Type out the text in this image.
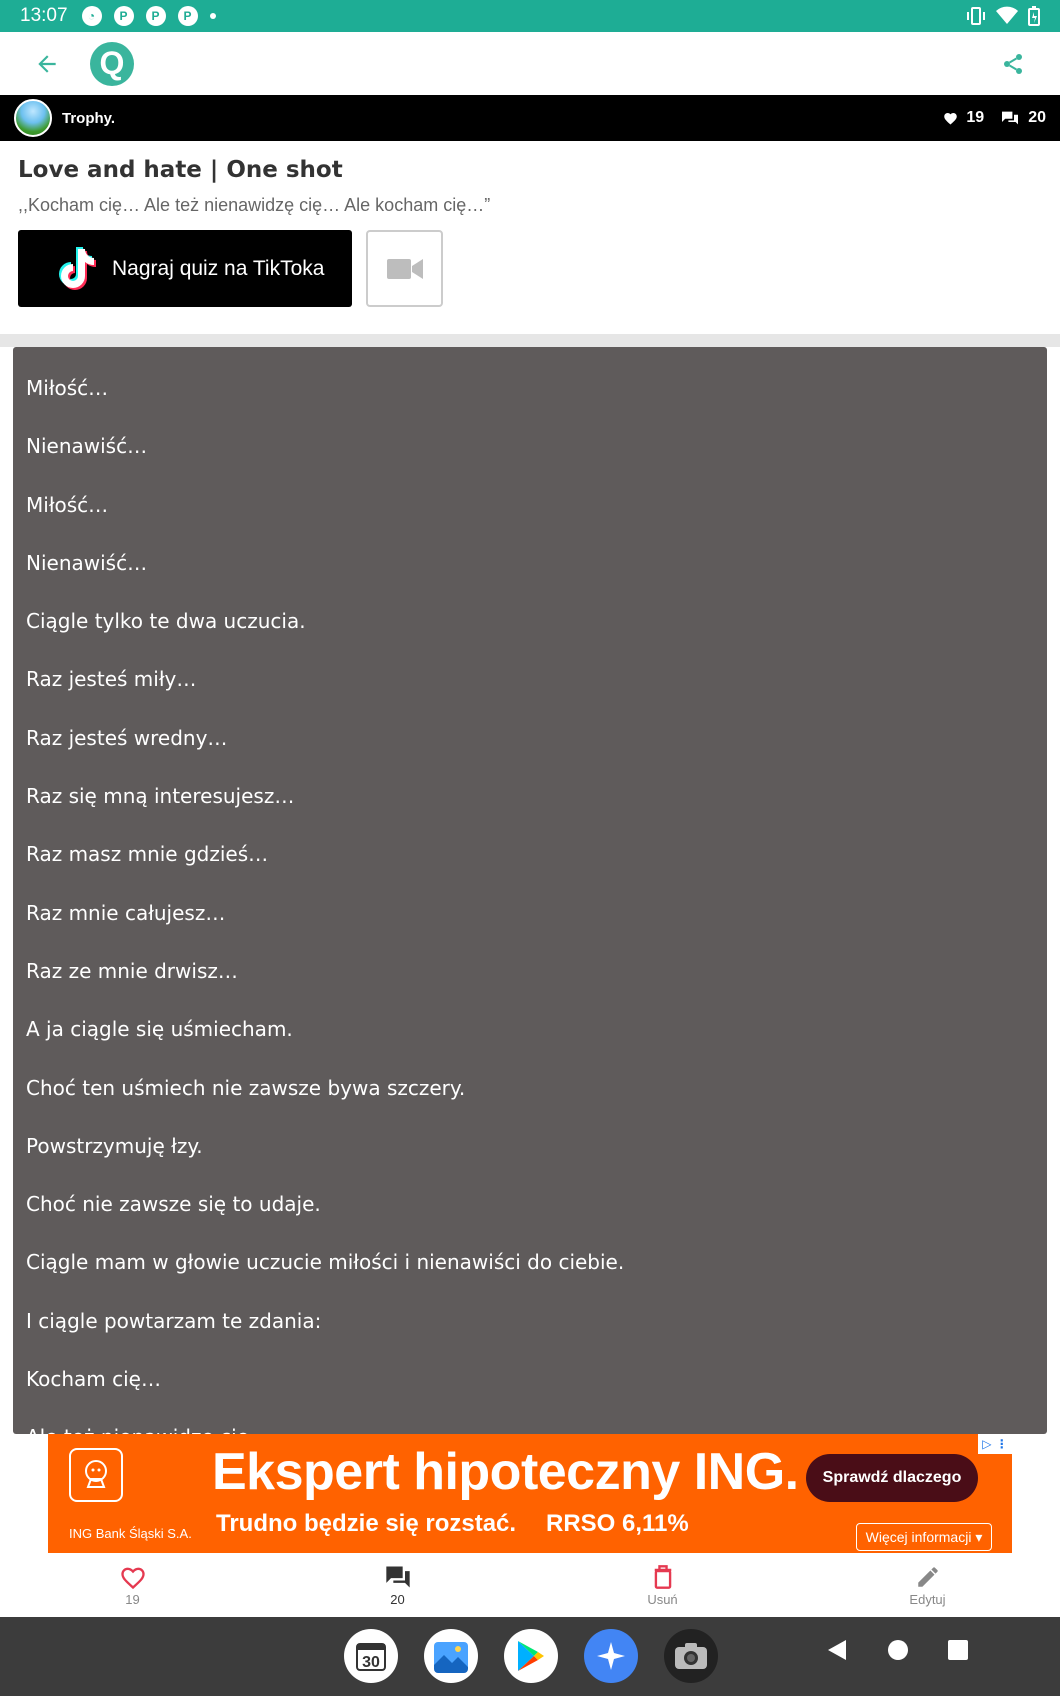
13:07	◔	P	P	P
Q
Trophy.	19	20
Love and hate | One shot
,,Kocham cię… Ale też nienawidzę cię… Ale kocham cię…”
Nagraj quiz na TikToka
Miłość…
Nienawiść…
Miłość…
Nienawiść…
Ciągle tylko te dwa uczucia.
Raz jesteś miły…
Raz jesteś wredny…
Raz się mną interesujesz…
Raz masz mnie gdzieś…
Raz mnie całujesz…
Raz ze mnie drwisz…
A ja ciągle się uśmiecham.
Choć ten uśmiech nie zawsze bywa szczery.
Powstrzymuję łzy.
Choć nie zawsze się to udaje.
Ciągle mam w głowie uczucie miłości i nienawiści do ciebie.
I ciągle powtarzam te zdania:
Kocham cię…
ING Bank Śląski S.A.
Ekspert hipoteczny ING.
Trudno będzie się rozstać. RRSO 6,11%
Sprawdź dlaczego
Więcej informacji ▾
▷ ⋮
19	20	Usuń	Edytuj
30
